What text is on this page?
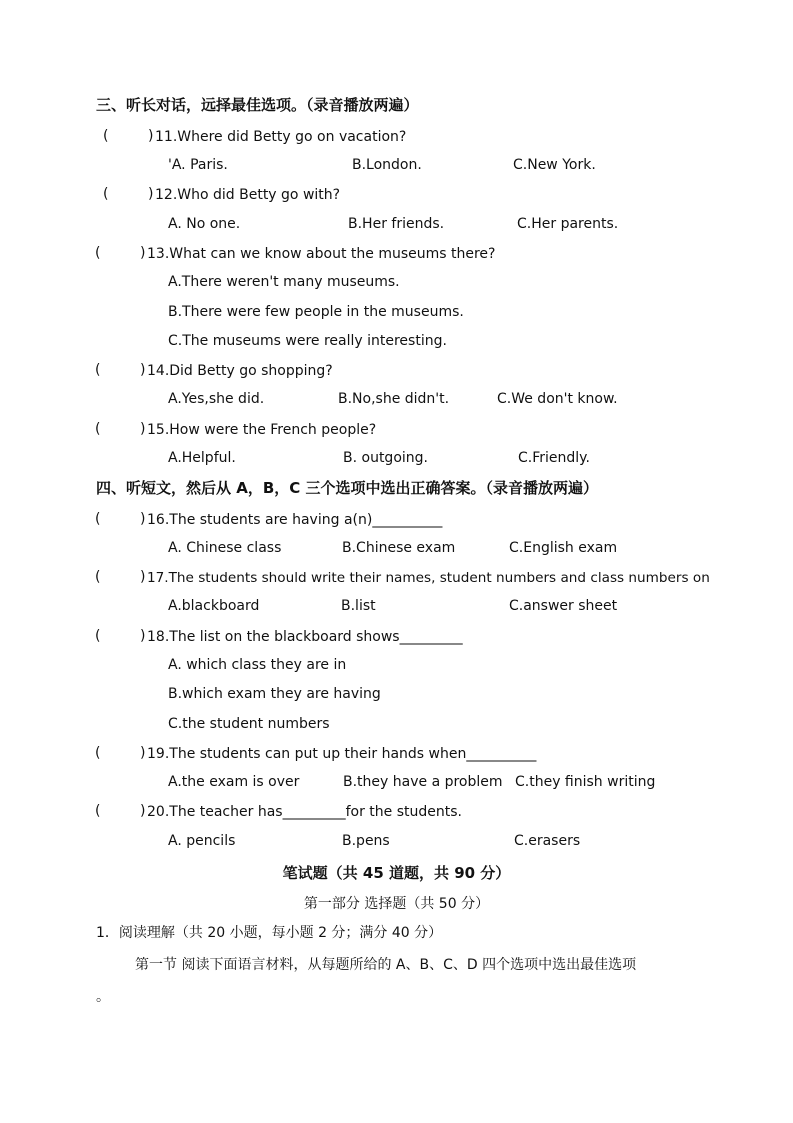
三、听长对话，远择最佳选项。（录音播放两遍）
(	) 11.Where did Betty go on vacation?
'A. Paris.	B.London.	C.New York.
(	) 12.Who did Betty go with?
A. No one.	B.Her friends.	C.Her parents.
(	) 13.What can we know about the museums there?
A.There weren't many museums.
B.There were few people in the museums.
C.The museums were really interesting.
(	) 14.Did Betty go shopping?
A.Yes,she did.	B.No,she didn't.	C.We don't know.
(	) 15.How were the French people?
A.Helpful.	B. outgoing.	C.Friendly.
四、听短文，然后从 A，B，C 三个选项中选出正确答案。（录音播放两遍）
(	) 16.The students are having a(n)__________
A. Chinese class	B.Chinese exam	C.English exam
(	) 17.The students should write their names, student numbers and class numbers on
A.blackboard	B.list	C.answer sheet
(	) 18.The list on the blackboard shows_________
A. which class they are in
B.which exam they are having
C.the student numbers
(	) 19.The students can put up their hands when__________
A.the exam is over	B.they have a problem C.they finish writing
(	) 20.The teacher has_________for the students.
A. pencils	B.pens	C.erasers
笔试题（共 45 道题，共 90 分）
第一部分 选择题（共 50 分）
1．阅读理解（共 20 小题，每小题 2 分；满分 40 分）
第一节 阅读下面语言材料，从每题所给的 A、B、C、D 四个选项中选出最佳选项
。
